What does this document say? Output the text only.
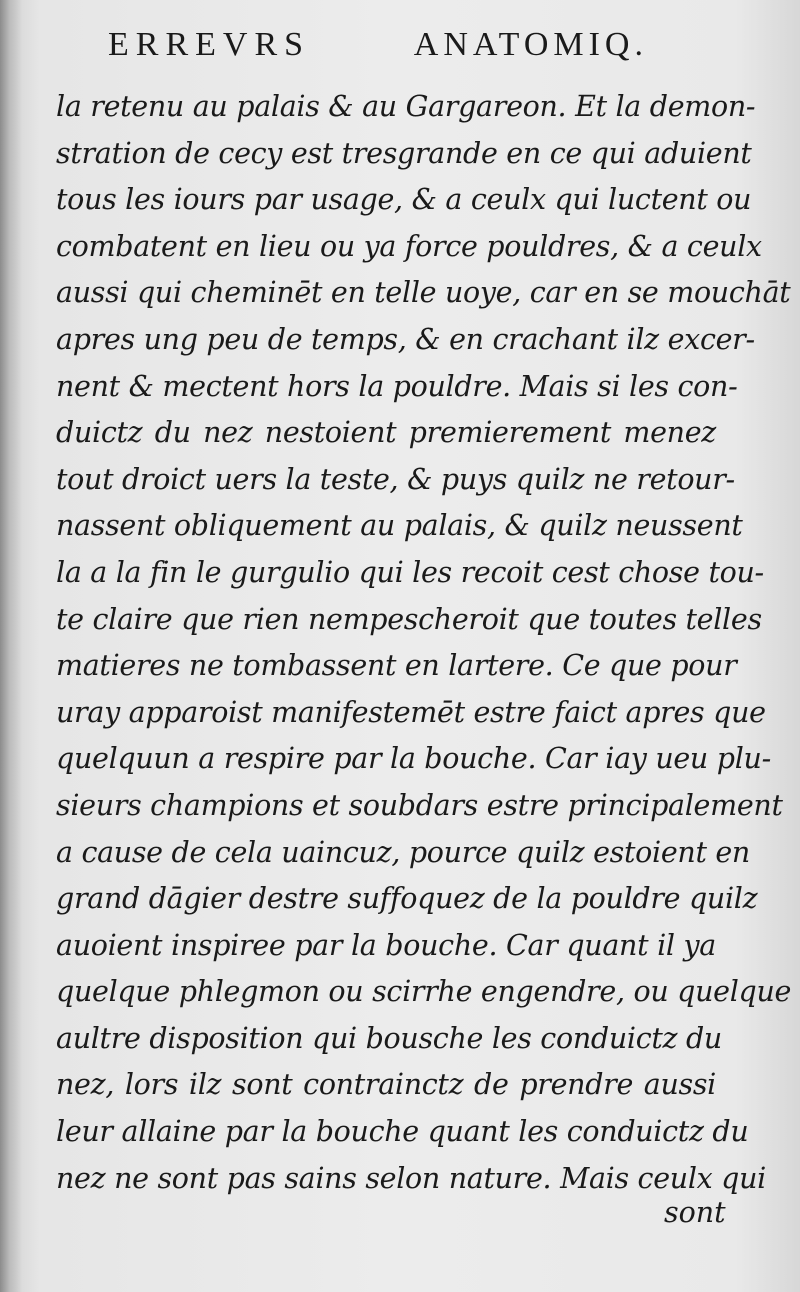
ERREVRS	ANATOMIQ.
la retenu au palais & au Gargareon. Et la demon-
stration de cecy est tresgrande en ce qui aduient
tous les iours par usage, & a ceulx qui luctent ou
combatent en lieu ou ya force pouldres, & a ceulx
aussi qui cheminēt en telle uoye, car en se mouchāt
apres ung peu de temps, & en crachant ilz excer-
nent & mectent hors la pouldre. Mais si les con-
duictz du nez nestoient premierement menez
tout droict uers la teste, & puys quilz ne retour-
nassent obliquement au palais, & quilz neussent
la a la fin le gurgulio qui les recoit cest chose tou-
te claire que rien nempescheroit que toutes telles
matieres ne tombassent en lartere. Ce que pour
uray apparoist manifestemēt estre faict apres que
quelquun a respire par la bouche. Car iay ueu plu-
sieurs champions et soubdars estre principalement
a cause de cela uaincuz, pource quilz estoient en
grand dāgier destre suffoquez de la pouldre quilz
auoient inspiree par la bouche. Car quant il ya
quelque phlegmon ou scirrhe engendre, ou quelque
aultre disposition qui bousche les conduictz du
nez, lors ilz sont contrainctz de prendre aussi
leur allaine par la bouche quant les conduictz du
nez ne sont pas sains selon nature. Mais ceulx qui
sont
